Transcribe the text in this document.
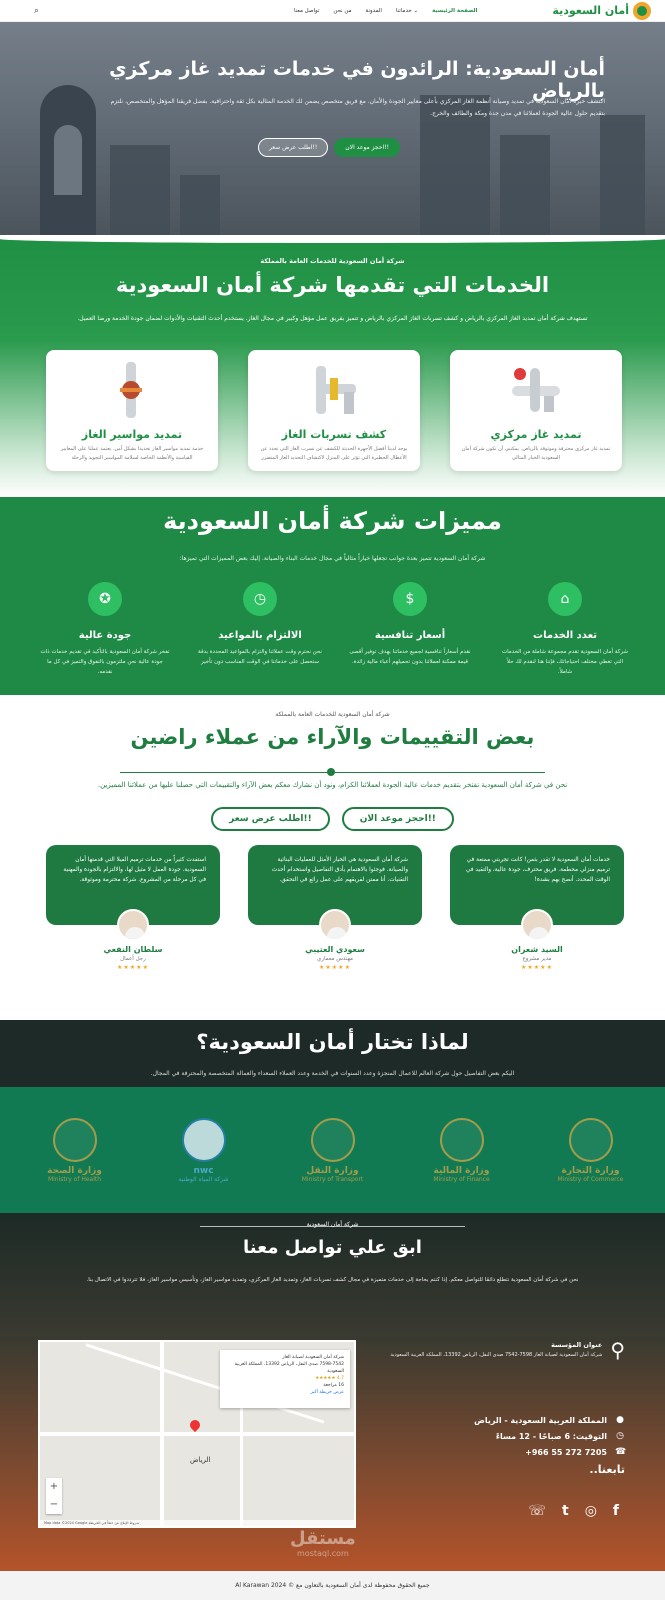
⌕	الصفحة الرئيسية
خدماتنا ⌄
المدونة
من نحن
تواصل معنا	أمان السعودية
أمان السعودية: الرائدون في خدمات تمديد غاز مركزي بالرياض
اكتشف خبرة أمان السعودية في تمديد وصيانة أنظمة الغاز المركزي بأعلى معايير الجودة والأمان. مع فريق متخصص يضمن لك الخدمة المثالية بكل ثقة واحترافية. بفضل فريقنا المؤهل والمتخصص، نلتزم بتقديم حلول عالية الجودة لعملائنا في مدن جدة ومكة والطائف والخرج.
احجز موعد الان!!
اطلب عرض سعر!!
شركة أمان السعودية للخدمات العامة بالمملكة
الخدمات التي تقدمها شركة أمان السعودية
تستهدف شركة أمان تمديد الغاز المركزي بالرياض و كشف تسربات الغاز المركزي بالرياض و تتميز بفريق عمل مؤهل وكبير في مجال الغاز. يستخدم أحدث التقنيات والأدوات لضمان جودة الخدمة ورضا العميل.
تمديد غاز مركزي
تمديد غاز مركزي محترفة وموثوقة بالرياض. يمكنني أن تكون شركة أمان السعودية الخيار المثالي
كشف تسربات الغاز
يوجد لدينا أفضل الأجهزة الحديثة للكشف عن تسرب الغاز التي تحدد عن الأعطال الخطيرة التي تؤثر على المنزل لاكتشاف التحديد الغاز المتضرر
تمديد مواسير الغاز
خدمة تمديد مواسير الغاز تحديدا بشكل آمن. يعتمد عملنا على المعايير القياسية والأنظمة الخاصة لسلامة المواسير التجويد والرحلة
مميزات شركة أمان السعودية
شركة أمان السعودية تتميز بعدة جوانب تجعلها خياراً مثالياً في مجال خدمات البناء والصيانة. إليك بعض المميزات التي تميزها:
⌂
تعدد الخدمات
شركة أمان السعودية تقدم مجموعة شاملة من الخدمات التي تغطي مختلف احتياجاتك، فإننا هنا لنقدم لك حلاً شاملاً.
$
أسعار تنافسية
نقدم أسعاراً تنافسية لجميع خدماتنا بهدف توفير أقصى قيمة ممكنة لعملائنا بدون تحميلهم أعباء مالية زائدة.
◷
الالتزام بالمواعيد
نحن نحترم وقت عملائنا والتزام بالمواعيد المحددة بدقة ستحصل على خدماتنا في الوقت المناسب دون تأخير
✪
جودة عالية
تفخر شركة أمان السعودية بالتأكيد في تقديم خدمات ذات جودة عالية نحن ملتزمون بالتفوق والتميز في كل ما نقدمه.
شركة أمان السعودية للخدمات العامة بالمملكة
بعض التقييمات والآراء من عملاء راضين
نحن في شركة أمان السعودية نفتخر بتقديم خدمات عالية الجودة لعملائنا الكرام، ونود أن نشارك معكم بعض الآراء والتقييمات التي حصلنا عليها من عملائنا المميزين.
احجز موعد الان!!
اطلب عرض سعر!!
خدمات أمان السعودية لا تقدر بثمن! كانت تجربتي ممتعة في ترميم منزلي محطمة. فريق محترف، جودة عالية، والتقيد في الوقت المحدد. أنصح بهم بشدة!
السيد شعران
مدير مشروع
★★★★★
شركة أمان السعودية هي الخيار الأمثل للعمليات البنائية والصيانة. فوجئوا بالاهتمام بأدق التفاصيل واستخدام أحدث التقنيات. أنا ممتن لفريقهم على عمل رائع في التحقق.
سعودي العتيبي
مهندس معماري
★★★★★
استفدت كثيراً من خدمات ترميم الفيلا التي قدمتها أمان السعودية. جودة العمل لا مثيل لها، والالتزام بالجودة والمهنية في كل مرحلة من المشروع. شركة محترمة وموثوقة.
سلطان النفعي
رجل أعمال
★★★★★
لماذا تختار أمان السعودية؟
اليكم بعض التفاصيل حول شركة العالم للاعمال المنجزة وعدد السنوات في الخدمة وعدد العملاء السعداء والعمالة المتخصصة والمحترفة في المجال.
وزارة التجارة
Ministry of Commerce
وزارة المالية
Ministry of Finance
وزارة النقل
Ministry of Transport
nwc
شركة المياه الوطنية
وزارة الصحة
Ministry of Health
شركة أمان السعودية
ابق علي تواصل معنا
نحن في شركة أمان السعودية نتطلع دائمًا للتواصل معكم. إذا كنتم بحاجة إلى خدمات متميزة في مجال كشف تسربات الغاز، وتمديد الغاز المركزي، وتمديد مواسير الغاز، وتأسيس مواسير الغاز، فلا تترددوا في الاتصال بنا.
شركة أمان السعودية لصيانة الغاز
7598-7542 صدى النفل، الرياض 13392، المملكة العربية السعودية
4.7 ★★★★★
16 مراجعة
عرض خريطة أكبر
الرياض
+
−
Map data ©2024 Google شروط الإبلاغ عن خطأ في الخريطة
⚲
عنوان المؤسسة
شركة أمان السعودية لصيانة الغاز 7598-7542 صدى النفل، الرياض 13392، المملكة العربية السعودية
●
المملكة العربية السعودية - الرياض
◷
التوقيت: 6 صباحًا - 12 مساءً
☎
+966 55 272 7205
تابعنا..
f
◎
t
☏
مستقل
mostaql.com
جميع الحقوق محفوظة لدى أمان السعودية بالتعاون مع © 2024 Al Karawan
